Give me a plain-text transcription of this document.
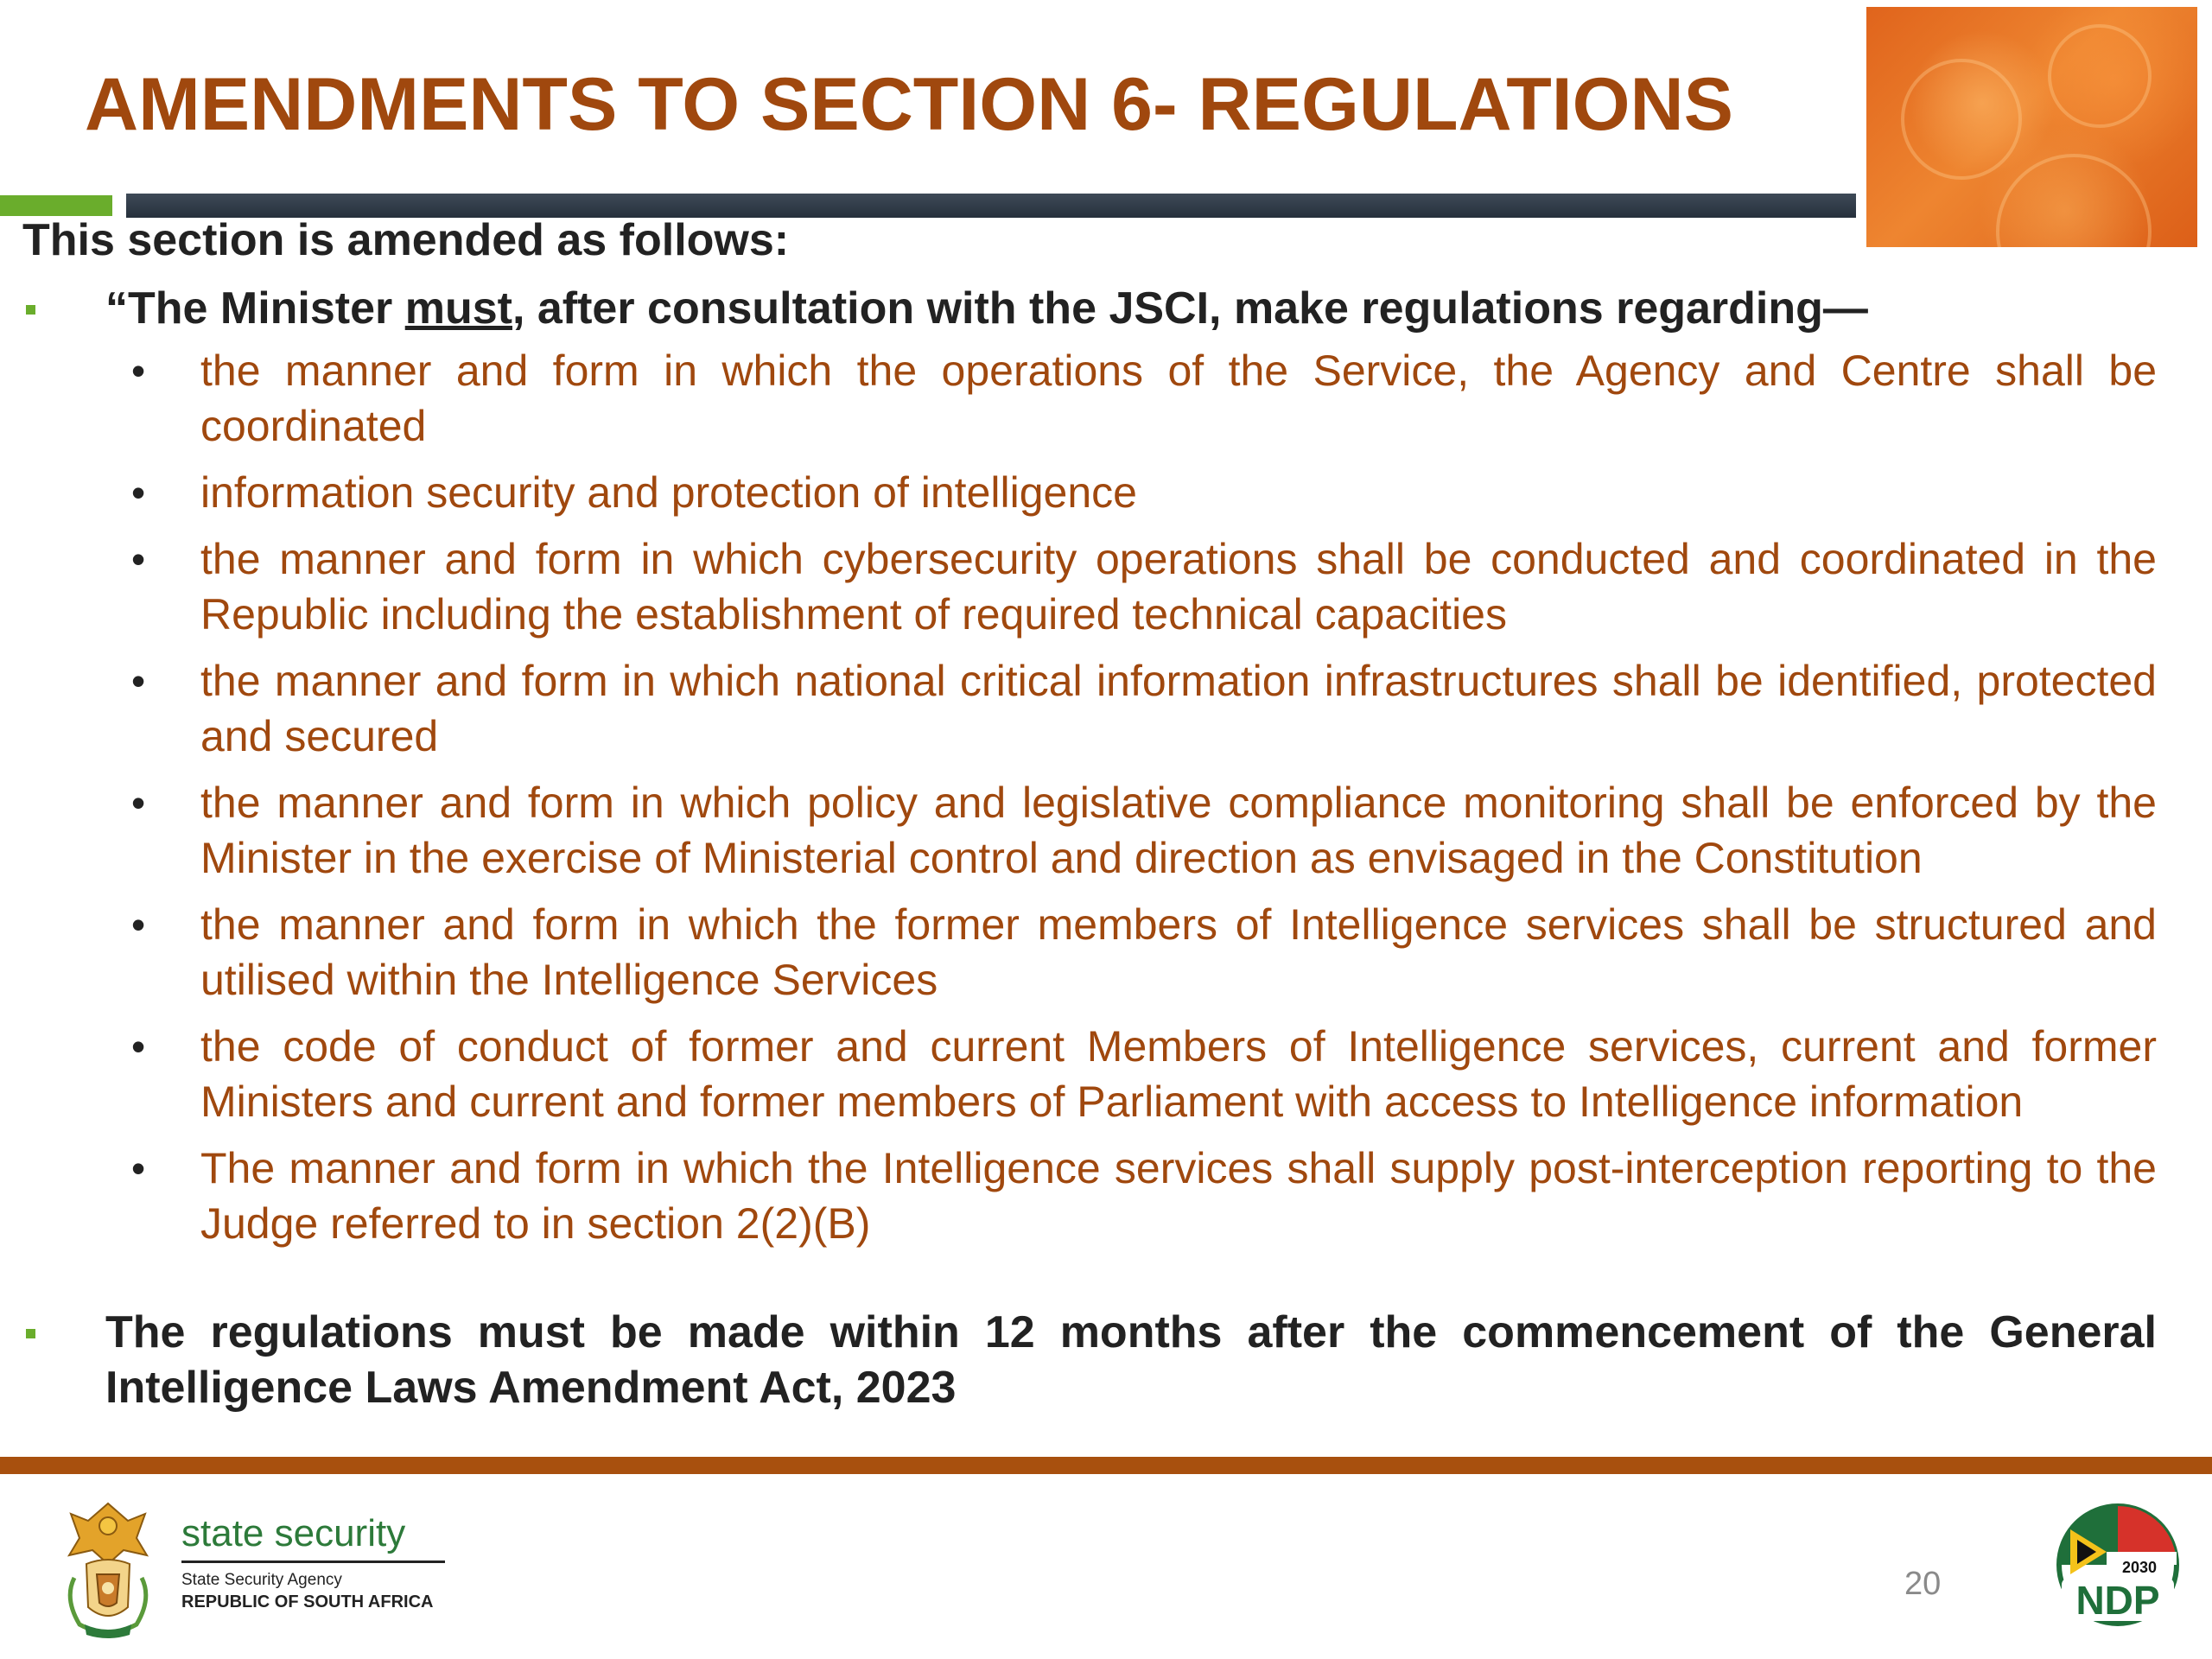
AMENDMENTS TO SECTION 6- REGULATIONS
This section is amended as follows:
“The Minister must, after consultation with the JSCI, make regulations regarding—
• the manner and form in which the operations of the Service, the Agency and Centre shall be coordinated
• information security and protection of intelligence
• the manner and form in which cybersecurity operations shall be conducted and coordinated in the Republic including the establishment of required technical capacities
• the manner and form in which national critical information infrastructures shall be identified, protected and secured
• the manner and form in which policy and legislative compliance monitoring shall be enforced by the Minister in the exercise of Ministerial control and direction as envisaged in the Constitution
• the manner and form in which the former members of Intelligence services shall be structured and utilised within the Intelligence Services
• the code of conduct of former and current Members of Intelligence services, current and former Ministers and current and former members of Parliament with access to Intelligence information
• The manner and form in which the Intelligence services shall supply post-interception reporting to the Judge referred to in section 2(2)(B)
The regulations must be made within 12 months after the commencement of the General Intelligence Laws Amendment Act, 2023
state security
State Security Agency
REPUBLIC OF SOUTH AFRICA	20	2030
NDP
